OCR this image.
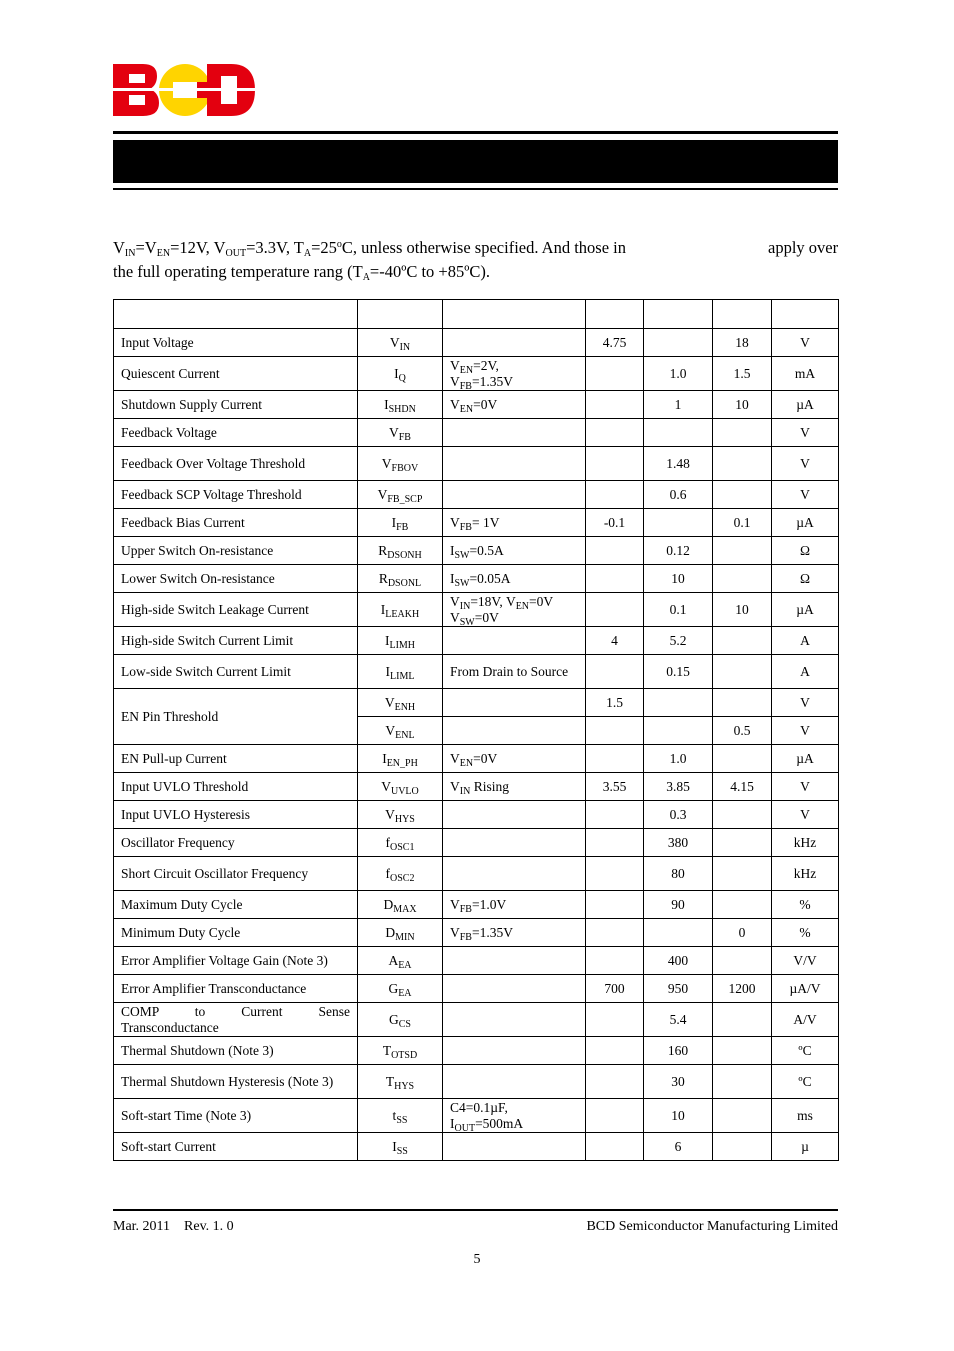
$V_{IN}=V_{EN}=12V$, $V_{OUT}=3.3V$, $T_A=25^oC$, unless otherwise specified. And those in	apply over
the full operating temperature rang ($T_A=-40ºC$ to +85ºC).

Input Voltage	$V_{IN}$		4.75		18	V
Quiescent Current	$I_Q$	$V_{EN}=2V$,
$V_{FB}=1.35V$		1.0	1.5	mA
Shutdown Supply Current	$I_{SHDN}$	$V_{EN}=0V$		1	10	µA
Feedback Voltage	$V_{FB}$					V
Feedback Over Voltage Threshold	$V_{FBOV}$			1.48		V
Feedback SCP Voltage Threshold	$V_{FB\_SCP}$			0.6		V
Feedback Bias Current	$I_{FB}$	$V_{FB}= 1V$	-0.1		0.1	µA
Upper Switch On-resistance	$R_{DSONH}$	$I_{SW}=0.5A$		0.12		Ω
Lower Switch On-resistance	$R_{DSONL}$	$I_{SW}=0.05A$		10		Ω
High-side Switch Leakage Current	$I_{LEAKH}$	$V_{IN}=18V$, $V_{EN}=0V$
$V_{SW}=0V$		0.1	10	µA
High-side Switch Current Limit	$I_{LIMH}$		4	5.2		A
Low-side Switch Current Limit	$I_{LIML}$	From Drain to Source		0.15		A
EN Pin Threshold	$V_{ENH}$		1.5			V
	$V_{ENL}$				0.5	V
EN Pull-up Current	$I_{EN\_PH}$	$V_{EN}=0V$		1.0		µA
Input UVLO Threshold	$V_{UVLO}$	$V_{IN}$ Rising	3.55	3.85	4.15	V
Input UVLO Hysteresis	$V_{HYS}$			0.3		V
Oscillator Frequency	$f_{OSC1}$			380		kHz
Short Circuit Oscillator Frequency	$f_{OSC2}$			80		kHz
Maximum Duty Cycle	$D_{MAX}$	$V_{FB}=1.0V$		90		%
Minimum Duty Cycle	$D_{MIN}$	$V_{FB}=1.35V$			0	%
Error Amplifier Voltage Gain (Note 3)	$A_{EA}$			400		V/V
Error Amplifier Transconductance	$G_{EA}$		700	950	1200	µA/V
COMP to Current Sense Transconductance	$G_{CS}$			5.4		A/V
Thermal Shutdown (Note 3)	$T_{OTSD}$			160		ºC
Thermal Shutdown Hysteresis (Note 3)	$T_{HYS}$			30		ºC
Soft-start Time (Note 3)	$t_{SS}$	C4=0.1µF,
$I_{OUT}=500mA$		10		ms
Soft-start Current	$I_{SS}$			6		µ
Mar. 2011    Rev. 1. 0	BCD Semiconductor Manufacturing Limited
5
